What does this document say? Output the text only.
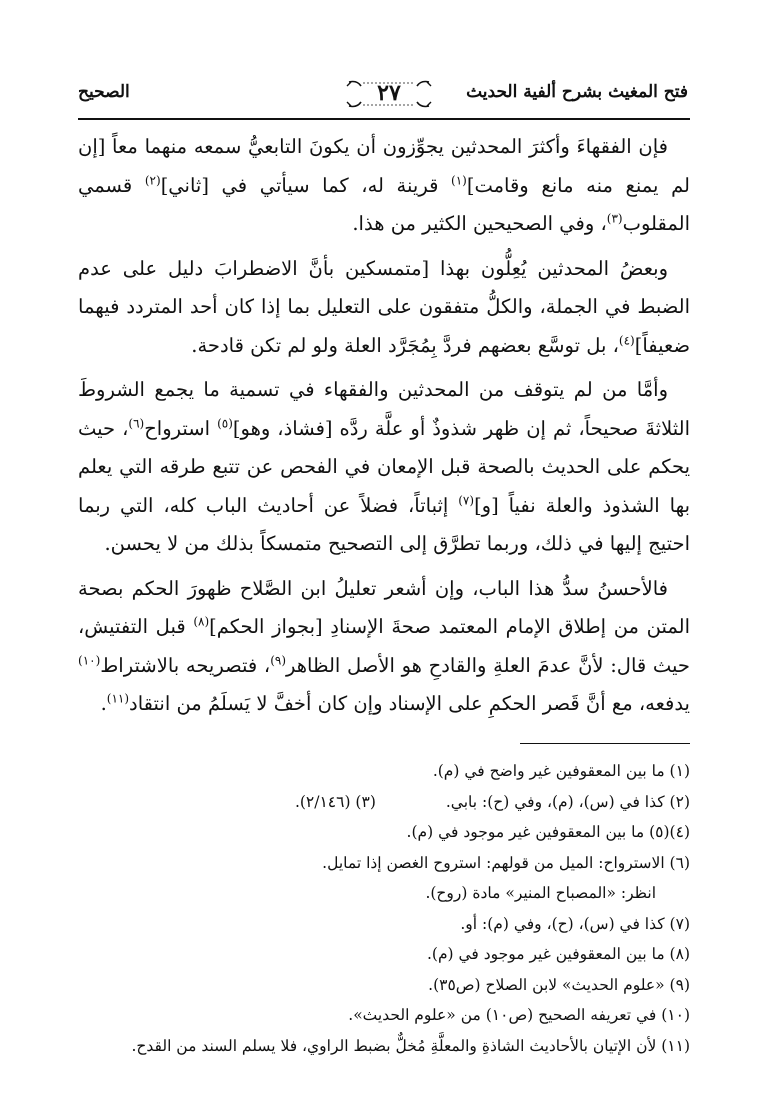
فتح المغيث بشرح ألفية الحديث
٢٧
الصحيح

فإن الفقهاءَ وأكثرَ المحدثين يجوِّزون أن يكونَ التابعيُّ سمعه منهما معاً [إن لم يمنع منه مانع وقامت]$^{(١)}$ قرينة له، كما سيأتي في [ثاني]$^{(٢)}$ قسمي المقلوب$^{(٣)}$، وفي الصحيحين الكثير من هذا.

وبعضُ المحدثين يُعِلُّون بهذا [متمسكين بأنَّ الاضطرابَ دليل على عدم الضبط في الجملة، والكلُّ متفقون على التعليل بما إذا كان أحد المتردد فيهما ضعيفاً]$^{(٤)}$، بل توسَّع بعضهم فردَّ بِمُجَرَّد العلة ولو لم تكن قادحة.

وأمَّا من لم يتوقف من المحدثين والفقهاء في تسمية ما يجمع الشروطَ الثلاثةَ صحيحاً، ثم إن ظهر شذوذٌ أو علَّة ردَّه [فشاذ، وهو]$^{(٥)}$ استرواح$^{(٦)}$، حيث يحكم على الحديث بالصحة قبل الإمعان في الفحص عن تتبع طرقه التي يعلم بها الشذوذ والعلة نفياً [و]$^{(٧)}$ إثباتاً، فضلاً عن أحاديث الباب كله، التي ربما احتيج إليها في ذلك، وربما تطرَّق إلى التصحيح متمسكاً بذلك من لا يحسن.

فالأحسنُ سدُّ هذا الباب، وإن أشعر تعليلُ ابن الصَّلاح ظهورَ الحكم بصحة المتن من إطلاق الإمام المعتمد صحةَ الإسنادِ [بجواز الحكم]$^{(٨)}$ قبل التفتيش، حيث قال: لأنَّ عدمَ العلةِ والقادحِ هو الأصل الظاهر$^{(٩)}$، فتصريحه بالاشتراط$^{(١٠)}$ يدفعه، مع أنَّ قَصر الحكمِ على الإسناد وإن كان أخفَّ لا يَسلَمُ من انتقاد$^{(١١)}$.

(١) ما بين المعقوفين غير واضح في (م).
(٢) كذا في (س)، (م)، وفي (ح): بابي.(٣) (٢/١٤٦).
(٤)(٥) ما بين المعقوفين غير موجود في (م).
(٦) الاسترواح: الميل من قولهم: استروح الغصن إذا تمايل.
انظر: «المصباح المنير» مادة (روح).
(٧) كذا في (س)، (ح)، وفي (م): أو.
(٨) ما بين المعقوفين غير موجود في (م).
(٩) «علوم الحديث» لابن الصلاح (ص٣٥).
(١٠) في تعريفه الصحيح (ص١٠) من «علوم الحديث».
(١١) لأن الإتيان بالأحاديث الشاذةِ والمعلَّةِ مُخلٌّ بضبط الراوي، فلا يسلم السند من القدح.
